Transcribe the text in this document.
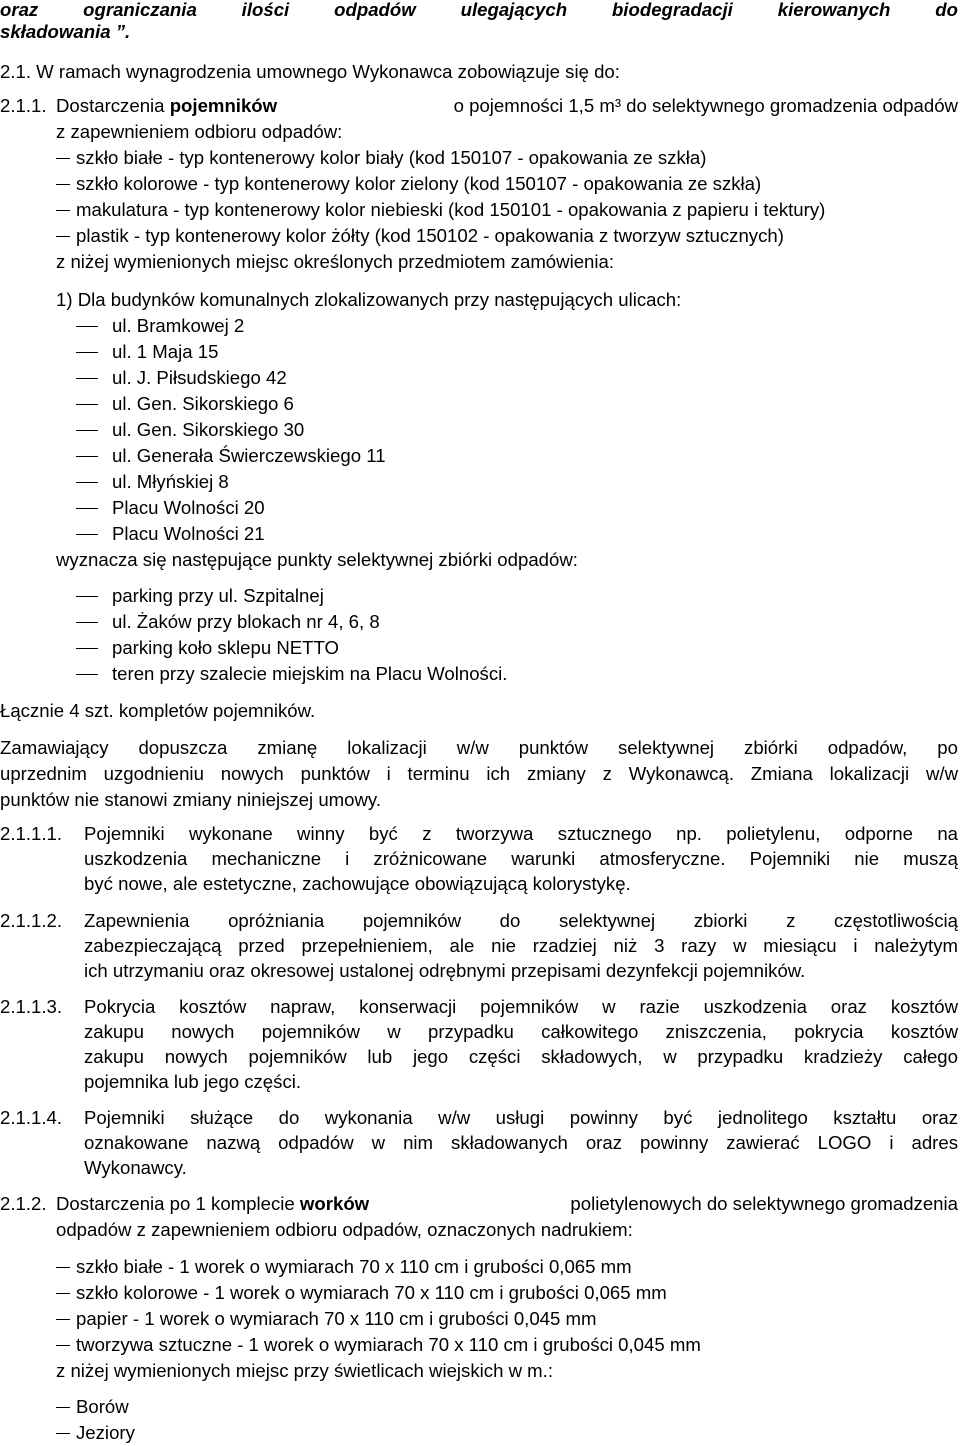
oraz ograniczania ilości odpadów ulegających biodegradacji kierowanych do
składowania ”.
2.1. W ramach wynagrodzenia umownego Wykonawca zobowiązuje się do:
2.1.1. Dostarczenia pojemników	o pojemności 1,5 m³ do selektywnego gromadzenia odpadów
z zapewnieniem odbioru odpadów:
szkło białe - typ kontenerowy kolor biały (kod 150107 - opakowania ze szkła)
szkło kolorowe - typ kontenerowy kolor zielony (kod 150107 - opakowania ze szkła)
makulatura - typ kontenerowy kolor niebieski (kod 150101 - opakowania z papieru i tektury)
plastik - typ kontenerowy kolor żółty (kod 150102 - opakowania z tworzyw sztucznych)
z niżej wymienionych miejsc określonych przedmiotem zamówienia:
1) Dla budynków komunalnych zlokalizowanych przy następujących ulicach:
ul. Bramkowej 2
ul. 1 Maja 15
ul. J. Piłsudskiego 42
ul. Gen. Sikorskiego 6
ul. Gen. Sikorskiego 30
ul. Generała Świerczewskiego 11
ul. Młyńskiej 8
Placu Wolności 20
Placu Wolności 21
wyznacza się następujące punkty selektywnej zbiórki odpadów:
parking przy ul. Szpitalnej
ul. Żaków przy blokach nr 4, 6, 8
parking koło sklepu NETTO
teren przy szalecie miejskim na Placu Wolności.
Łącznie 4 szt. kompletów pojemników.
Zamawiający dopuszcza zmianę lokalizacji w/w punktów selektywnej zbiórki odpadów, po
uprzednim uzgodnieniu nowych punktów i terminu ich zmiany z Wykonawcą. Zmiana lokalizacji w/w
punktów nie stanowi zmiany niniejszej umowy.
2.1.1.1. Pojemniki wykonane winny być z tworzywa sztucznego np. polietylenu, odporne na
uszkodzenia mechaniczne i zróżnicowane warunki atmosferyczne. Pojemniki nie muszą
być nowe, ale estetyczne, zachowujące obowiązującą kolorystykę.
2.1.1.2. Zapewnienia opróżniania pojemników do selektywnej zbiorki z częstotliwością
zabezpieczającą przed przepełnieniem, ale nie rzadziej niż 3 razy w miesiącu i należytym
ich utrzymaniu oraz okresowej ustalonej odrębnymi przepisami dezynfekcji pojemników.
2.1.1.3. Pokrycia kosztów napraw, konserwacji pojemników w razie uszkodzenia oraz kosztów
zakupu nowych pojemników w przypadku całkowitego zniszczenia, pokrycia kosztów
zakupu nowych pojemników lub jego części składowych, w przypadku kradzieży całego
pojemnika lub jego części.
2.1.1.4. Pojemniki służące do wykonania w/w usługi powinny być jednolitego kształtu oraz
oznakowane nazwą odpadów w nim składowanych oraz powinny zawierać LOGO i adres
Wykonawcy.
2.1.2. Dostarczenia po 1 komplecie worków	polietylenowych do selektywnego gromadzenia
odpadów z zapewnieniem odbioru odpadów, oznaczonych nadrukiem:
szkło białe - 1 worek o wymiarach 70 x 110 cm i grubości 0,065 mm
szkło kolorowe - 1 worek o wymiarach 70 x 110 cm i grubości 0,065 mm
papier - 1 worek o wymiarach 70 x 110 cm i grubości 0,045 mm
tworzywa sztuczne - 1 worek o wymiarach 70 x 110 cm i grubości 0,045 mm
z niżej wymienionych miejsc przy świetlicach wiejskich w m.:
Borów
Jeziory
